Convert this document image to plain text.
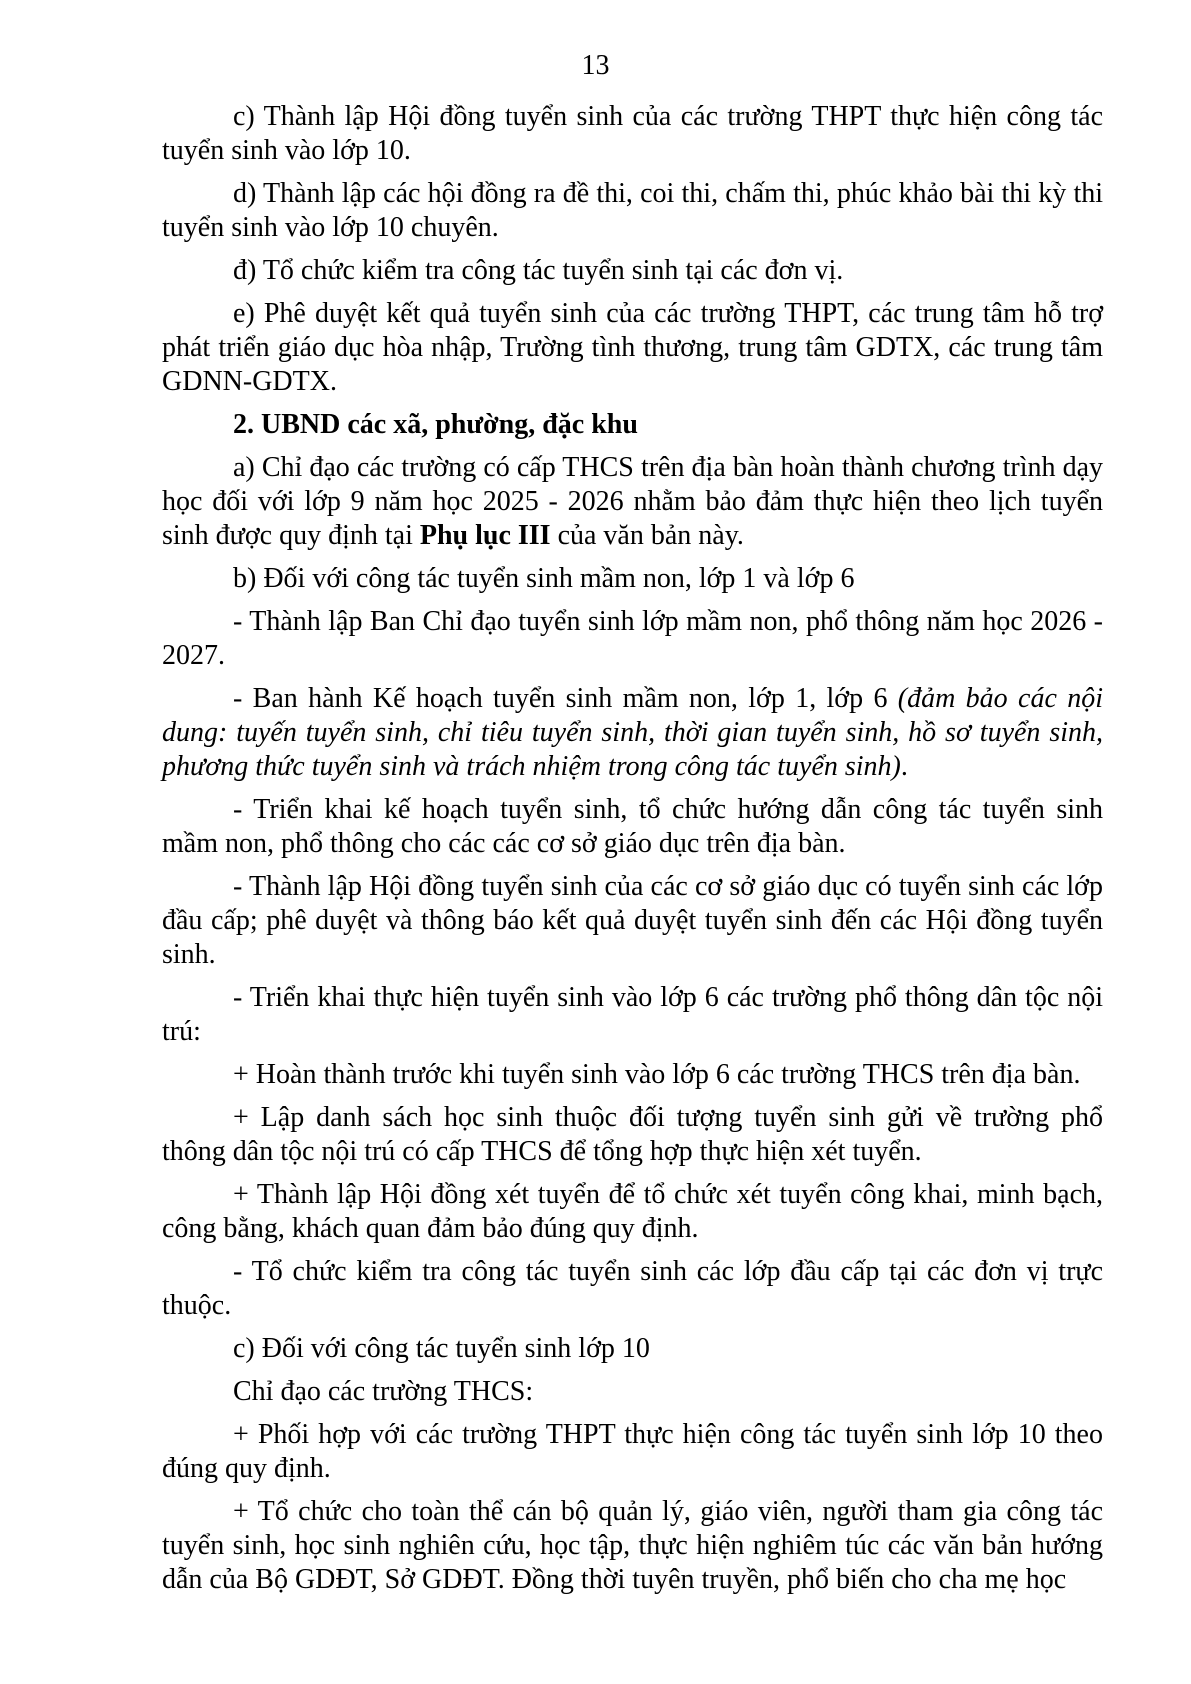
13

c) Thành lập Hội đồng tuyển sinh của các trường THPT thực hiện công tác tuyển sinh vào lớp 10.

d) Thành lập các hội đồng ra đề thi, coi thi, chấm thi, phúc khảo bài thi kỳ thi tuyển sinh vào lớp 10 chuyên.

đ) Tổ chức kiểm tra công tác tuyển sinh tại các đơn vị.

e) Phê duyệt kết quả tuyển sinh của các trường THPT, các trung tâm hỗ trợ phát triển giáo dục hòa nhập, Trường tình thương, trung tâm GDTX, các trung tâm GDNN-GDTX.

2. UBND các xã, phường, đặc khu

a) Chỉ đạo các trường có cấp THCS trên địa bàn hoàn thành chương trình dạy học đối với lớp 9 năm học 2025 - 2026 nhằm bảo đảm thực hiện theo lịch tuyển sinh được quy định tại Phụ lục III của văn bản này.

b) Đối với công tác tuyển sinh mầm non, lớp 1 và lớp 6

- Thành lập Ban Chỉ đạo tuyển sinh lớp mầm non, phổ thông năm học 2026 - 2027.

- Ban hành Kế hoạch tuyển sinh mầm non, lớp 1, lớp 6 (đảm bảo các nội dung: tuyến tuyển sinh, chỉ tiêu tuyển sinh, thời gian tuyển sinh, hồ sơ tuyển sinh, phương thức tuyển sinh và trách nhiệm trong công tác tuyển sinh).

- Triển khai kế hoạch tuyển sinh, tổ chức hướng dẫn công tác tuyển sinh mầm non, phổ thông cho các các cơ sở giáo dục trên địa bàn.

- Thành lập Hội đồng tuyển sinh của các cơ sở giáo dục có tuyển sinh các lớp đầu cấp; phê duyệt và thông báo kết quả duyệt tuyển sinh đến các Hội đồng tuyển sinh.

- Triển khai thực hiện tuyển sinh vào lớp 6 các trường phổ thông dân tộc nội trú:

+ Hoàn thành trước khi tuyển sinh vào lớp 6 các trường THCS trên địa bàn.

+ Lập danh sách học sinh thuộc đối tượng tuyển sinh gửi về trường phổ thông dân tộc nội trú có cấp THCS để tổng hợp thực hiện xét tuyển.

+ Thành lập Hội đồng xét tuyển để tổ chức xét tuyển công khai, minh bạch, công bằng, khách quan đảm bảo đúng quy định.

- Tổ chức kiểm tra công tác tuyển sinh các lớp đầu cấp tại các đơn vị trực thuộc.

c) Đối với công tác tuyển sinh lớp 10

Chỉ đạo các trường THCS:

+ Phối hợp với các trường THPT thực hiện công tác tuyển sinh lớp 10 theo đúng quy định.

+ Tổ chức cho toàn thể cán bộ quản lý, giáo viên, người tham gia công tác tuyển sinh, học sinh nghiên cứu, học tập, thực hiện nghiêm túc các văn bản hướng dẫn của Bộ GDĐT, Sở GDĐT. Đồng thời tuyên truyền, phổ biến cho cha mẹ học
